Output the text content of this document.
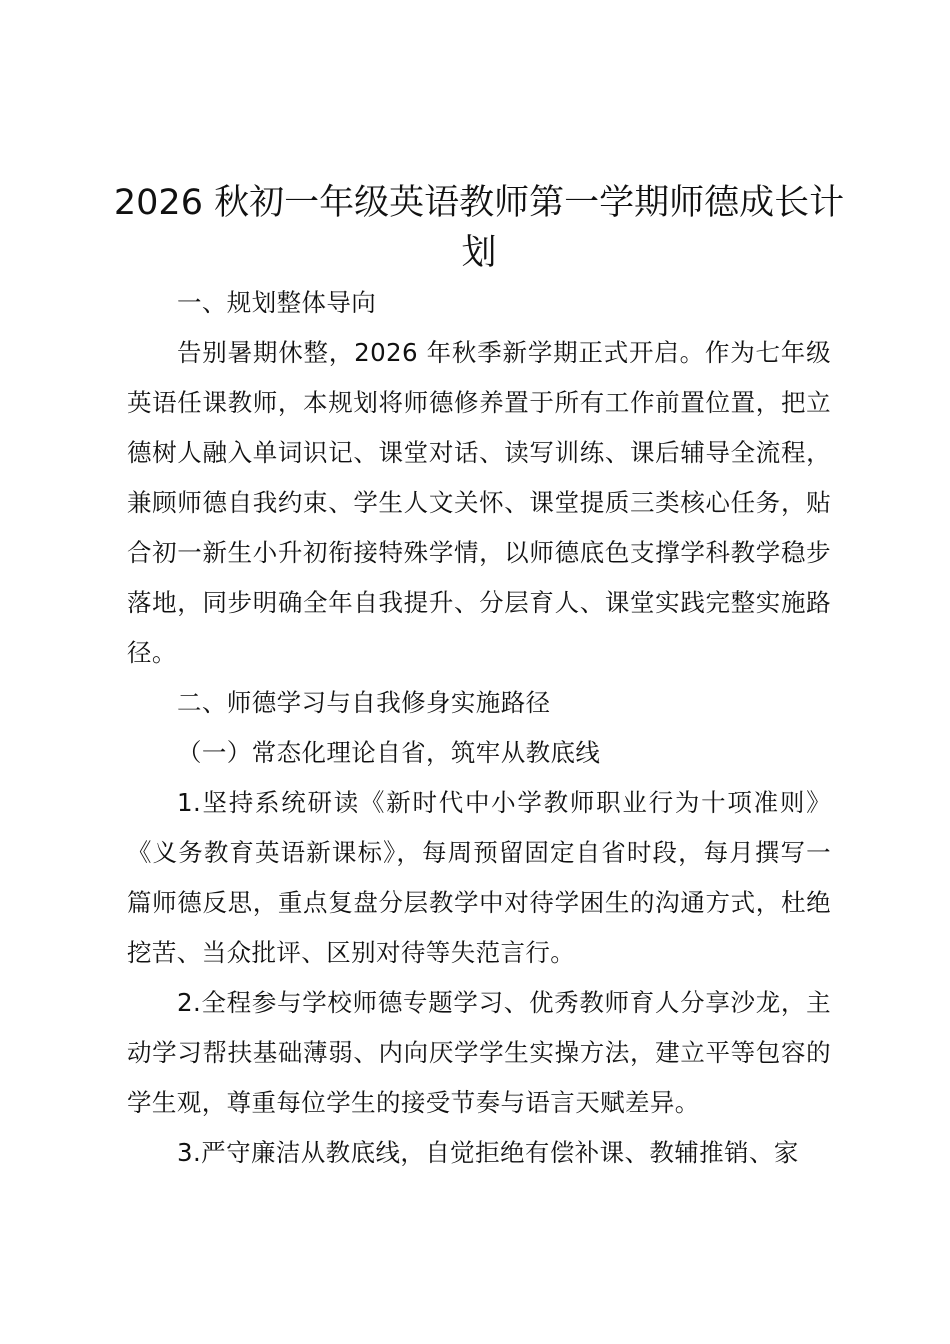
2026 秋初一年级英语教师第一学期师德成长计划

一、规划整体导向

告别暑期休整，2026 年秋季新学期正式开启。作为七年级英语任课教师，本规划将师德修养置于所有工作前置位置，把立德树人融入单词识记、课堂对话、读写训练、课后辅导全流程，兼顾师德自我约束、学生人文关怀、课堂提质三类核心任务，贴合初一新生小升初衔接特殊学情，以师德底色支撑学科教学稳步落地，同步明确全年自我提升、分层育人、课堂实践完整实施路径。

二、师德学习与自我修身实施路径

（一）常态化理论自省，筑牢从教底线

1.坚持系统研读《新时代中小学教师职业行为十项准则》《义务教育英语新课标》，每周预留固定自省时段，每月撰写一篇师德反思，重点复盘分层教学中对待学困生的沟通方式，杜绝挖苦、当众批评、区别对待等失范言行。

2.全程参与学校师德专题学习、优秀教师育人分享沙龙，主动学习帮扶基础薄弱、内向厌学学生实操方法，建立平等包容的学生观，尊重每位学生的接受节奏与语言天赋差异。

3.严守廉洁从教底线，自觉拒绝有偿补课、教辅推销、家
